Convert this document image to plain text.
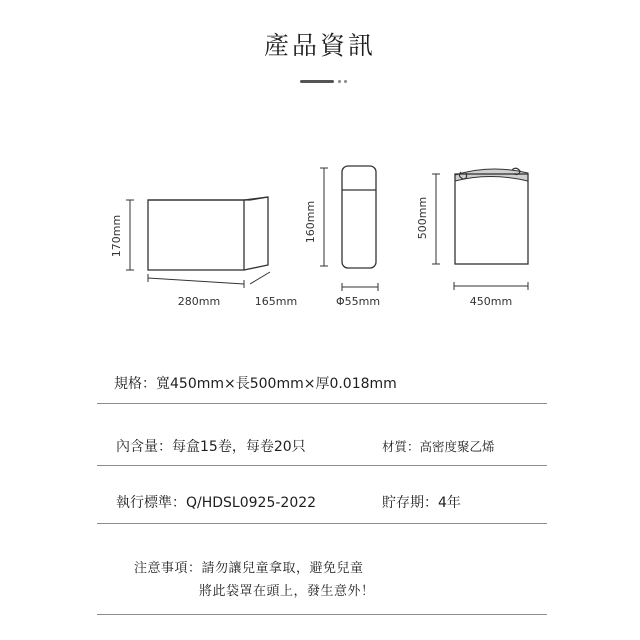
產品資訊
170mm
280mm	165mm
160mm
Φ55mm
500mm
450mm
規格：寬450mm×長500mm×厚0.018mm
內含量：每盒15卷，每卷20只	材質：高密度聚乙烯
執行標準：Q/HDSL0925-2022	貯存期：4年
注意事項：請勿讓兒童拿取，避免兒童
將此袋罩在頭上，發生意外！
